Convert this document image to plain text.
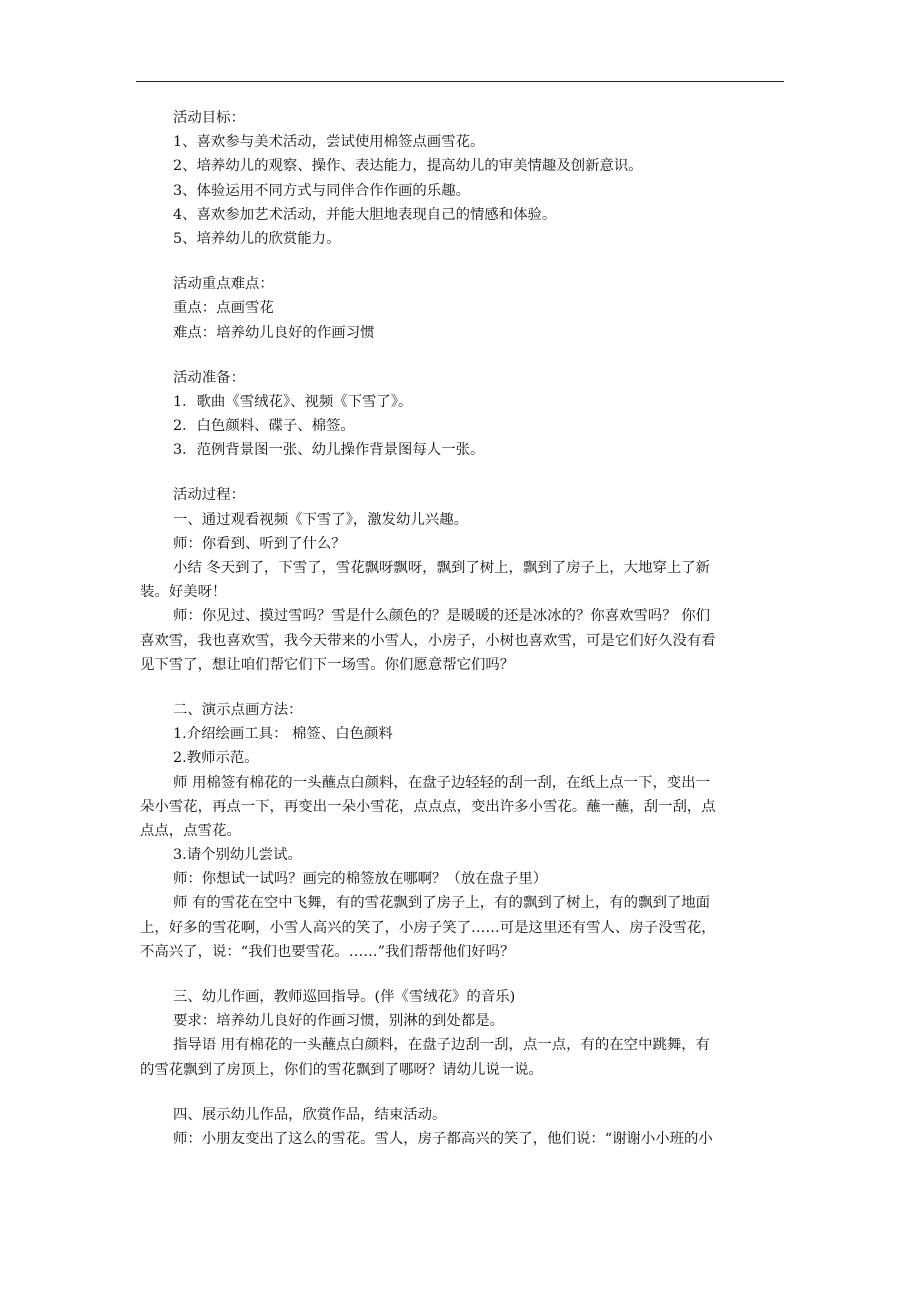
活动目标：
1、喜欢参与美术活动，尝试使用棉签点画雪花。
2、培养幼儿的观察、操作、表达能力，提高幼儿的审美情趣及创新意识。
3、体验运用不同方式与同伴合作作画的乐趣。
4、喜欢参加艺术活动，并能大胆地表现自己的情感和体验。
5、培养幼儿的欣赏能力。
活动重点难点：
重点：点画雪花
难点：培养幼儿良好的作画习惯
活动准备：
1．歌曲《雪绒花》、视频《下雪了》。
2．白色颜料、碟子、棉签。
3．范例背景图一张、幼儿操作背景图每人一张。
活动过程：
一、通过观看视频《下雪了》，激发幼儿兴趣。
师：你看到、听到了什么？
小结 冬天到了，下雪了，雪花飘呀飘呀，飘到了树上，飘到了房子上，大地穿上了新
装。好美呀！
师：你见过、摸过雪吗？雪是什么颜色的？是暖暖的还是冰冰的？你喜欢雪吗？ 你们
喜欢雪，我也喜欢雪，我今天带来的小雪人，小房子，小树也喜欢雪，可是它们好久没有看
见下雪了，想让咱们帮它们下一场雪。你们愿意帮它们吗？
二、演示点画方法：
1.介绍绘画工具： 棉签、白色颜料
2.教师示范。
师 用棉签有棉花的一头蘸点白颜料，在盘子边轻轻的刮一刮，在纸上点一下，变出一
朵小雪花，再点一下，再变出一朵小雪花，点点点，变出许多小雪花。蘸一蘸，刮一刮，点
点点，点雪花。
3.请个别幼儿尝试。
师：你想试一试吗？画完的棉签放在哪啊？（放在盘子里）
师 有的雪花在空中飞舞，有的雪花飘到了房子上，有的飘到了树上，有的飘到了地面
上，好多的雪花啊，小雪人高兴的笑了，小房子笑了……可是这里还有雪人、房子没雪花，
不高兴了，说：“我们也要雪花。……”我们帮帮他们好吗？
三、幼儿作画，教师巡回指导。(伴《雪绒花》的音乐)
要求：培养幼儿良好的作画习惯，别淋的到处都是。
指导语 用有棉花的一头蘸点白颜料，在盘子边刮一刮，点一点，有的在空中跳舞，有
的雪花飘到了房顶上，你们的雪花飘到了哪呀？请幼儿说一说。
四、展示幼儿作品，欣赏作品，结束活动。
师：小朋友变出了这么的雪花。雪人，房子都高兴的笑了，他们说：“谢谢小小班的小
